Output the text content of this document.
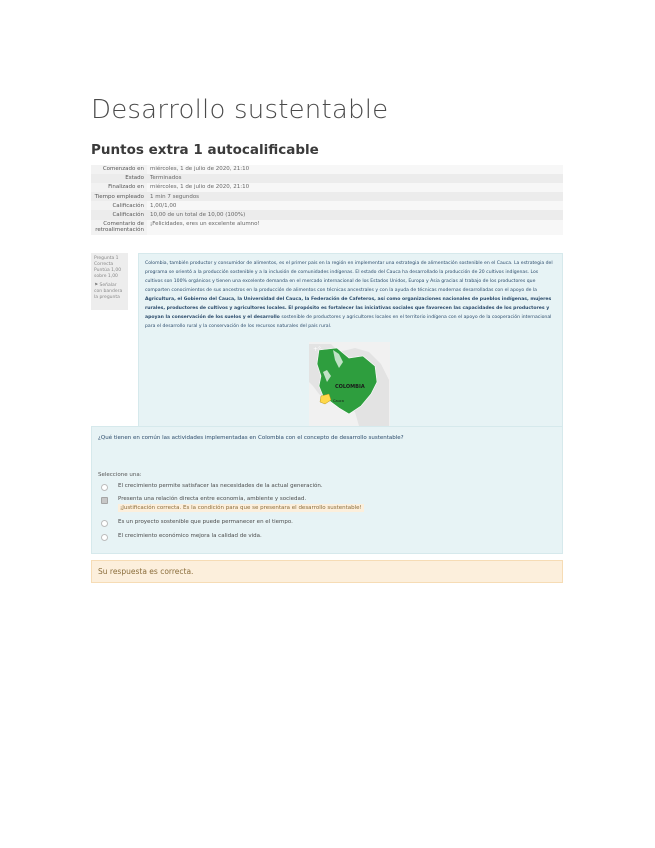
Desarrollo sustentable
Puntos extra 1 autocalificable
Comenzado en	miércoles, 1 de julio de 2020, 21:10
Estado	Terminados
Finalizado en	miércoles, 1 de julio de 2020, 21:10
Tiempo empleado	1 min 7 segundos
Calificación	1,00/1,00
Calificación	10,00 de un total de 10,00 (100%)
Comentario de retroalimentación	¡Felicidades, eres un excelente alumno!
Pregunta 1
Correcta
Puntúa 1,00
sobre 1,00
⚑ Señalar con bandera la pregunta
Colombia, también productor y consumidor de alimentos, es el primer país en la región en implementar una estrategia de alimentación sostenible en el Cauca. La estrategia del programa se orientó a la producción sostenible y a la inclusión de comunidades indígenas. El estado del Cauca ha desarrollado la producción de 20 cultivos indígenas. Los cultivos son 100% orgánicos y tienen una excelente demanda en el mercado internacional de los Estados Unidos, Europa y Asia gracias al trabajo de los productores que comparten conocimientos de sus ancestros en la producción de alimentos con técnicas ancestrales y con la ayuda de técnicas modernas desarrolladas con el apoyo de la Agricultura, el Gobierno del Cauca, la Universidad del Cauca, la Federación de Cafeteros, así como organizaciones nacionales de pueblos indígenas, mujeres rurales, productores de cultivos y agricultores locales. El propósito es fortalecer las iniciativas sociales que favorecen las capacidades de los productores y apoyan la conservación de los suelos y el desarrollo sostenible de productores y agricultores locales en el territorio indígena con el apoyo de la cooperación internacional para el desarrollo rural y la conservación de los recursos naturales del país rural.
+°
COLOMBIA
Cauca
¿Qué tienen en común las actividades implementadas en Colombia con el concepto de desarrollo sustentable?
Seleccione una:
El crecimiento permite satisfacer las necesidades de la actual generación.
Presenta una relación directa entre economía, ambiente y sociedad.
¡Justificación correcta. Es la condición para que se presentara el desarrollo sustentable!
Es un proyecto sostenible que puede permanecer en el tiempo.
El crecimiento económico mejora la calidad de vida.
Su respuesta es correcta.
